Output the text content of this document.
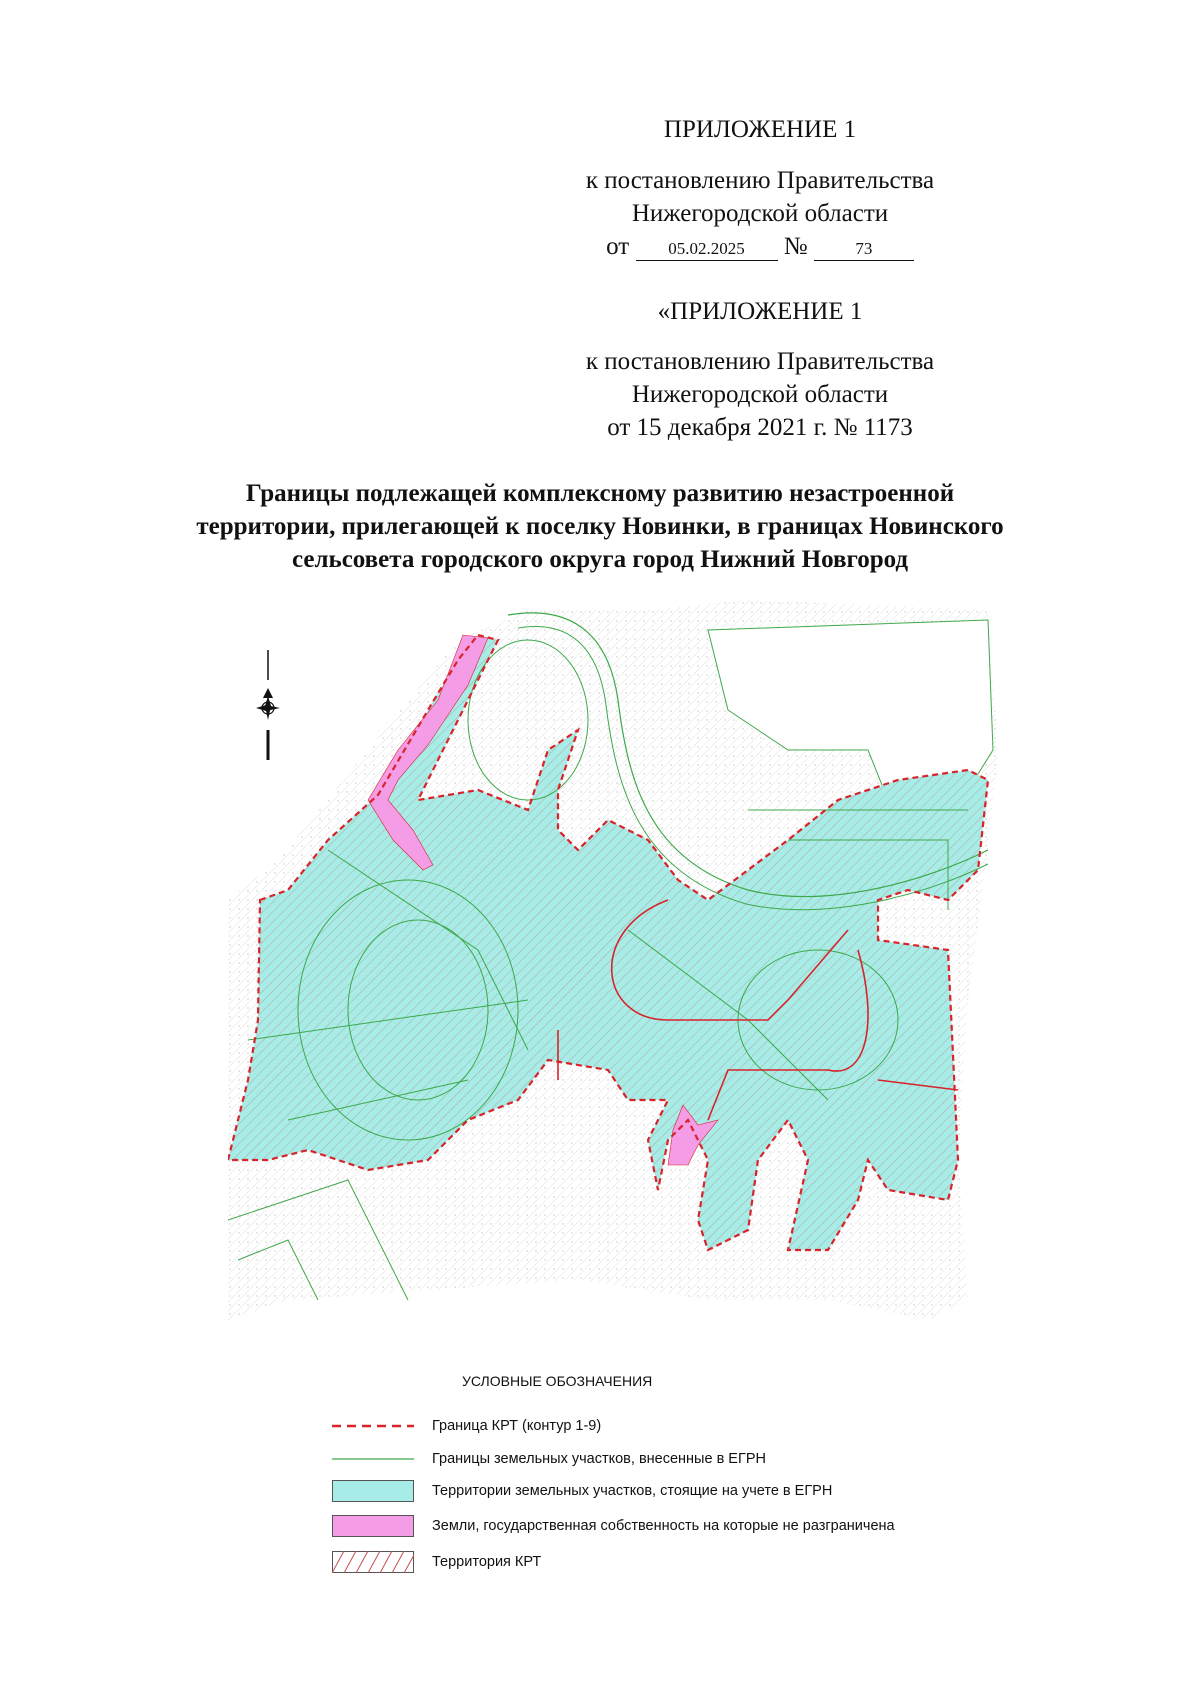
ПРИЛОЖЕНИЕ 1
к постановлению Правительства
Нижегородской области
от 05.02.2025 №	73
«ПРИЛОЖЕНИЕ 1
к постановлению Правительства
Нижегородской области
от 15 декабря 2021 г. № 1173
Границы подлежащей комплексному развитию незастроенной
территории, прилегающей к поселку Новинки, в границах Новинского
сельсовета городского округа город Нижний Новгород
УСЛОВНЫЕ ОБОЗНАЧЕНИЯ
Граница КРТ (контур 1-9)
Границы земельных участков, внесенные в ЕГРН
Территории земельных участков, стоящие на учете в ЕГРН
Земли, государственная собственность на которые не разграничена
Территория КРТ
